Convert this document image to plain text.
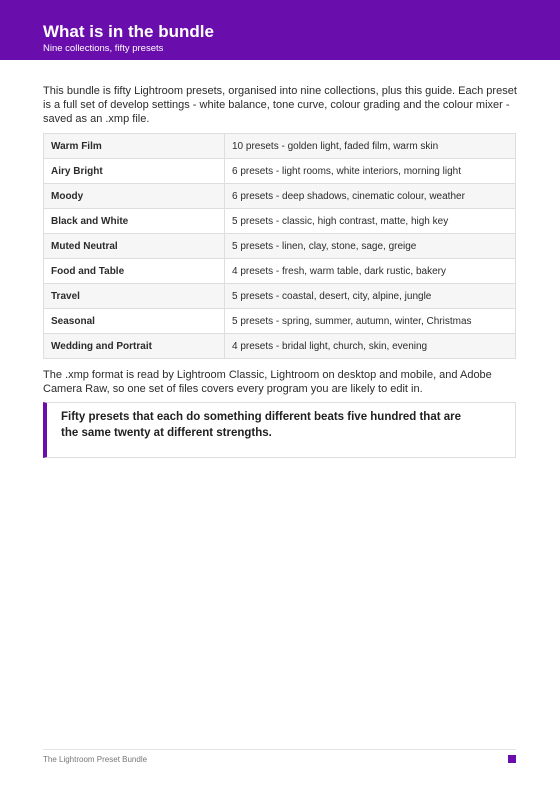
What is in the bundle
Nine collections, fifty presets

This bundle is fifty Lightroom presets, organised into nine collections, plus this guide. Each preset is a full set of develop settings - white balance, tone curve, colour grading and the colour mixer - saved as an .xmp file.

Warm Film	10 presets - golden light, faded film, warm skin
Airy Bright	6 presets - light rooms, white interiors, morning light
Moody	6 presets - deep shadows, cinematic colour, weather
Black and White	5 presets - classic, high contrast, matte, high key
Muted Neutral	5 presets - linen, clay, stone, sage, greige
Food and Table	4 presets - fresh, warm table, dark rustic, bakery
Travel	5 presets - coastal, desert, city, alpine, jungle
Seasonal	5 presets - spring, summer, autumn, winter, Christmas
Wedding and Portrait	4 presets - bridal light, church, skin, evening

The .xmp format is read by Lightroom Classic, Lightroom on desktop and mobile, and Adobe Camera Raw, so one set of files covers every program you are likely to edit in.

Fifty presets that each do something different beats five hundred that are the same twenty at different strengths.
The Lightroom Preset Bundle
